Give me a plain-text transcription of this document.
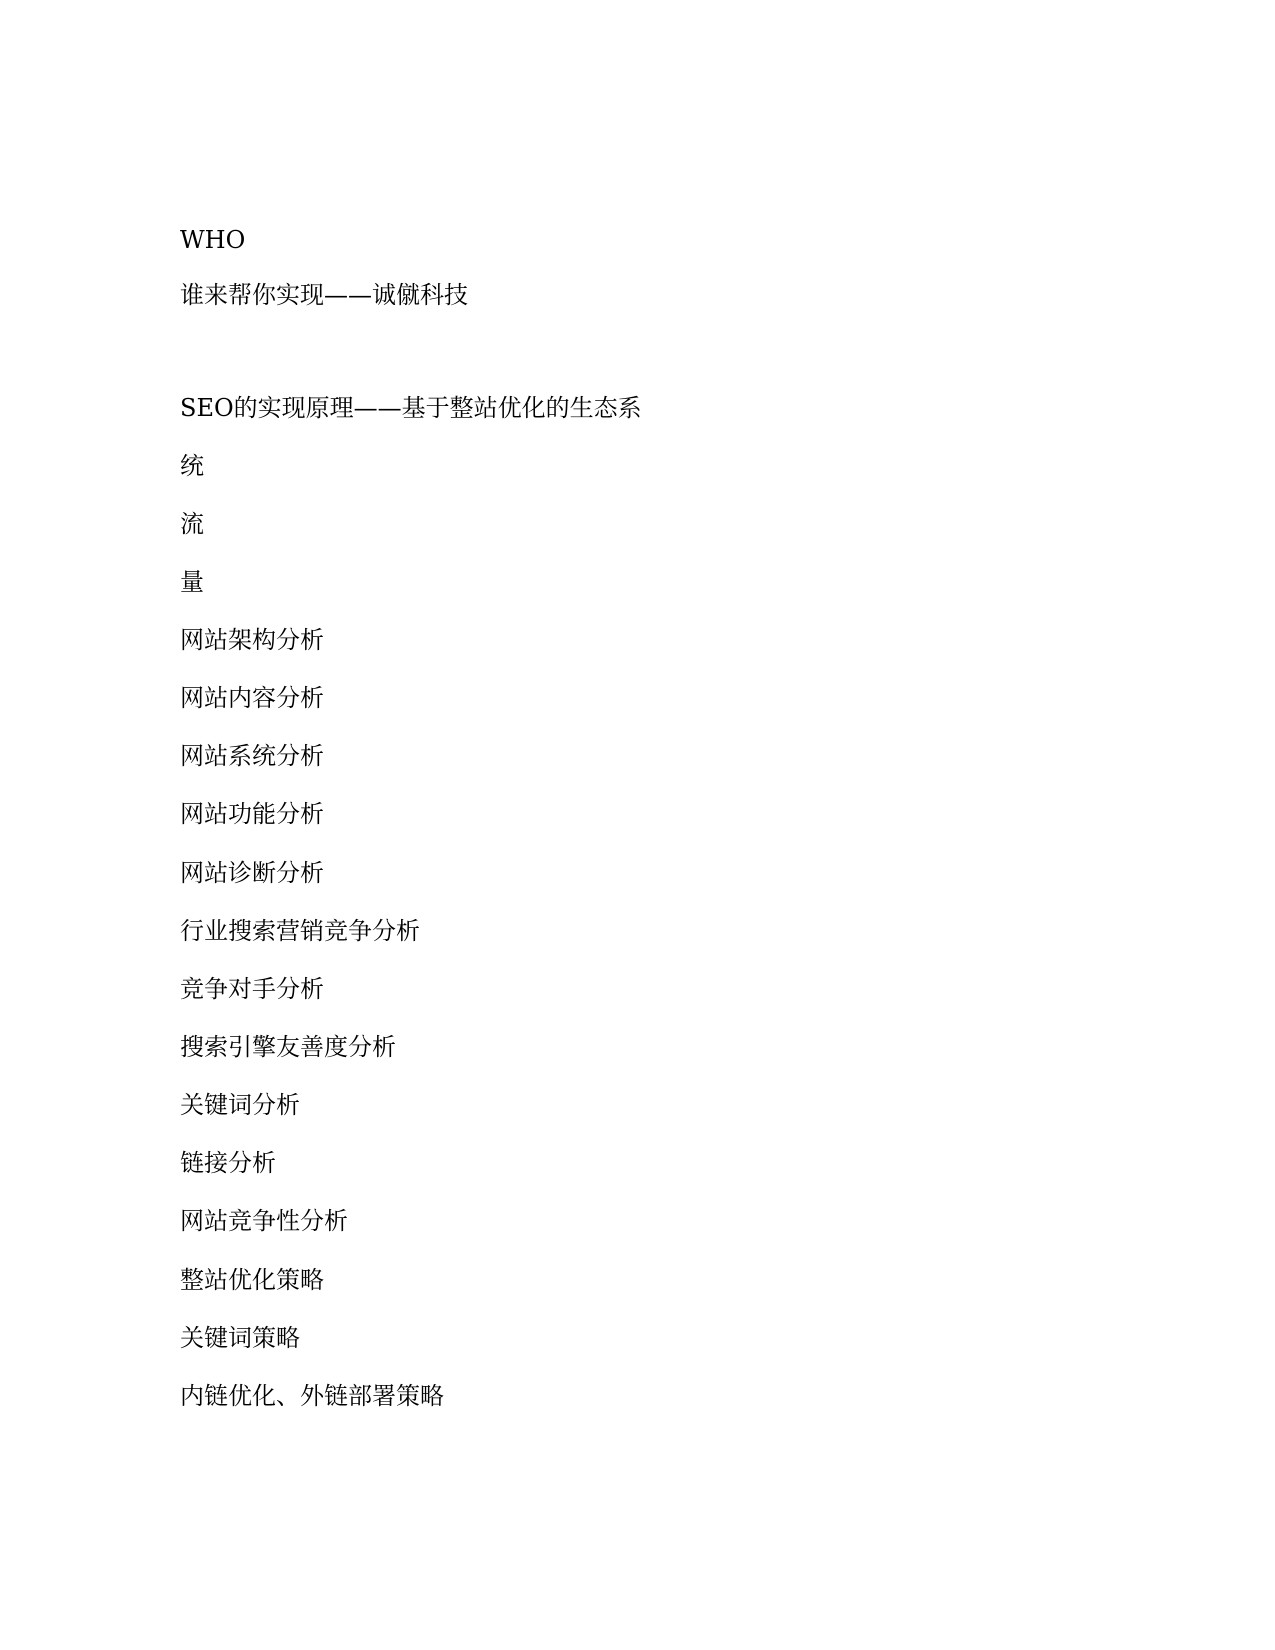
WHO

谁来帮你实现——诚僦科技

SEO的实现原理——基于整站优化的生态系

统

流

量

网站架构分析

网站内容分析

网站系统分析

网站功能分析

网站诊断分析

行业搜索营销竞争分析

竞争对手分析

搜索引擎友善度分析

关键词分析

链接分析

网站竞争性分析

整站优化策略

关键词策略

内链优化、外链部署策略
